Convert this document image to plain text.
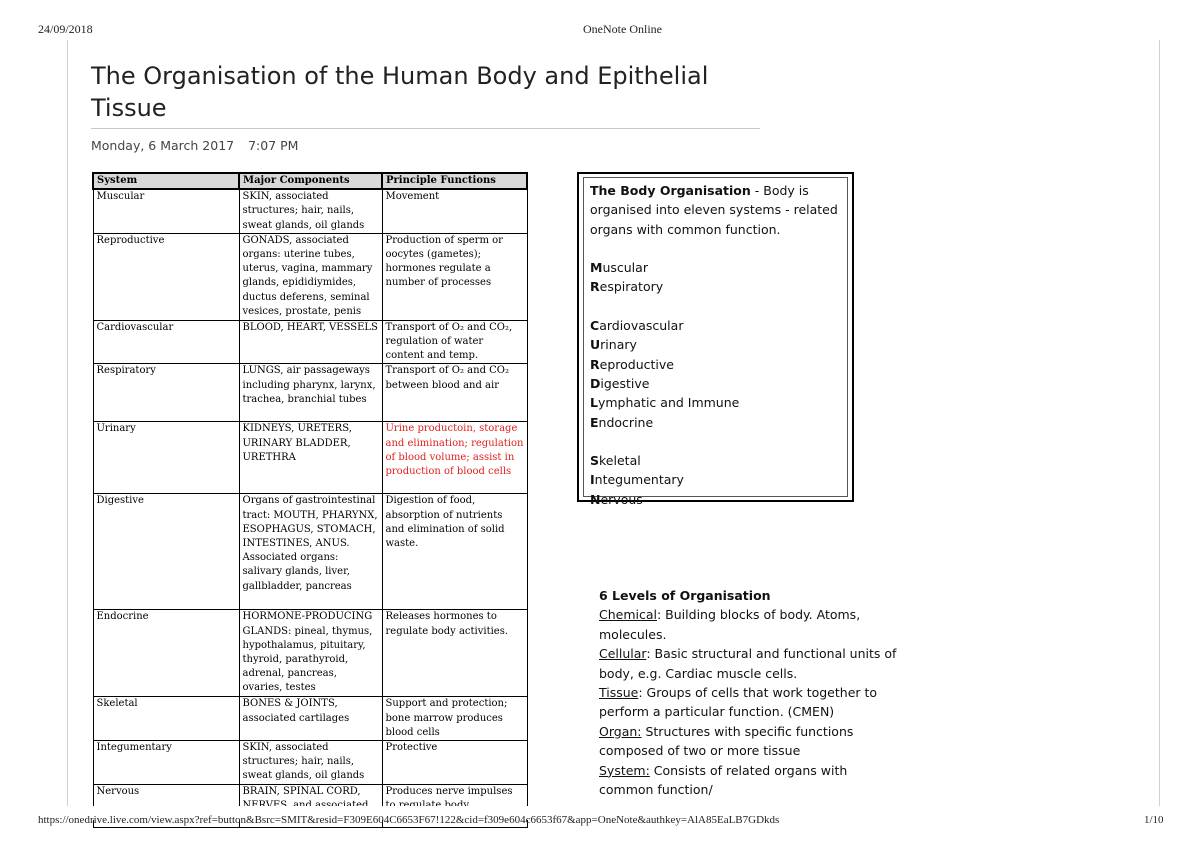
24/09/2018	OneNote Online
The Organisation of the Human Body and Epithelial Tissue
Monday, 6 March 2017 7:07 PM
System	Major Components	Principle Functions
Muscular	SKIN, associated structures; hair, nails, sweat glands, oil glands	Movement
Reproductive	GONADS, associated organs: uterine tubes, uterus, vagina, mammary glands, epididiymides, ductus deferens, seminal vesices, prostate, penis	Production of sperm or oocytes (gametes); hormones regulate a number of processes
Cardiovascular	BLOOD, HEART, VESSELS	Transport of O₂ and CO₂, regulation of water content and temp.
Respiratory	LUNGS, air passageways including pharynx, larynx, trachea, branchial tubes	Transport of O₂ and CO₂ between blood and air
Urinary	KIDNEYS, URETERS, URINARY BLADDER, URETHRA	Urine productoin, storage and elimination; regulation of blood volume; assist in production of blood cells
Digestive	Organs of gastrointestinal tract: MOUTH, PHARYNX, ESOPHAGUS, STOMACH, INTESTINES, ANUS. Associated organs: salivary glands, liver, gallbladder, pancreas	Digestion of food, absorption of nutrients and elimination of solid waste.
Endocrine	HORMONE-PRODUCING GLANDS: pineal, thymus, hypothalamus, pituitary, thyroid, parathyroid, adrenal, pancreas, ovaries, testes	Releases hormones to regulate body activities.
Skeletal	BONES & JOINTS, associated cartilages	Support and protection; bone marrow produces blood cells
Integumentary	SKIN, associated structures; hair, nails, sweat glands, oil glands	Protective
Nervous	BRAIN, SPINAL CORD,	Produces nerve impulses

The Body Organisation - Body is organised into eleven systems - related organs with common function.

Muscular

Respiratory

Cardiovascular

Urinary

Reproductive

Digestive

Lymphatic and Immune

Endocrine

Skeletal

Integumentary

Nervous

6 Levels of Organisation

Chemical: Building blocks of body. Atoms, molecules.

Cellular: Basic structural and functional units of body, e.g. Cardiac muscle cells.

Tissue: Groups of cells that work together to perform a particular function. (CMEN)

Organ: Structures with specific functions composed of two or more tissue

System: Consists of related organs with common function/

https://onedrive.live.com/view.aspx?ref=button&Bsrc=SMIT&resid=F309E604C6653F67!122&cid=f309e604c6653f67&app=OneNote&authkey=AlA85EaLB7GDkds	1/10
